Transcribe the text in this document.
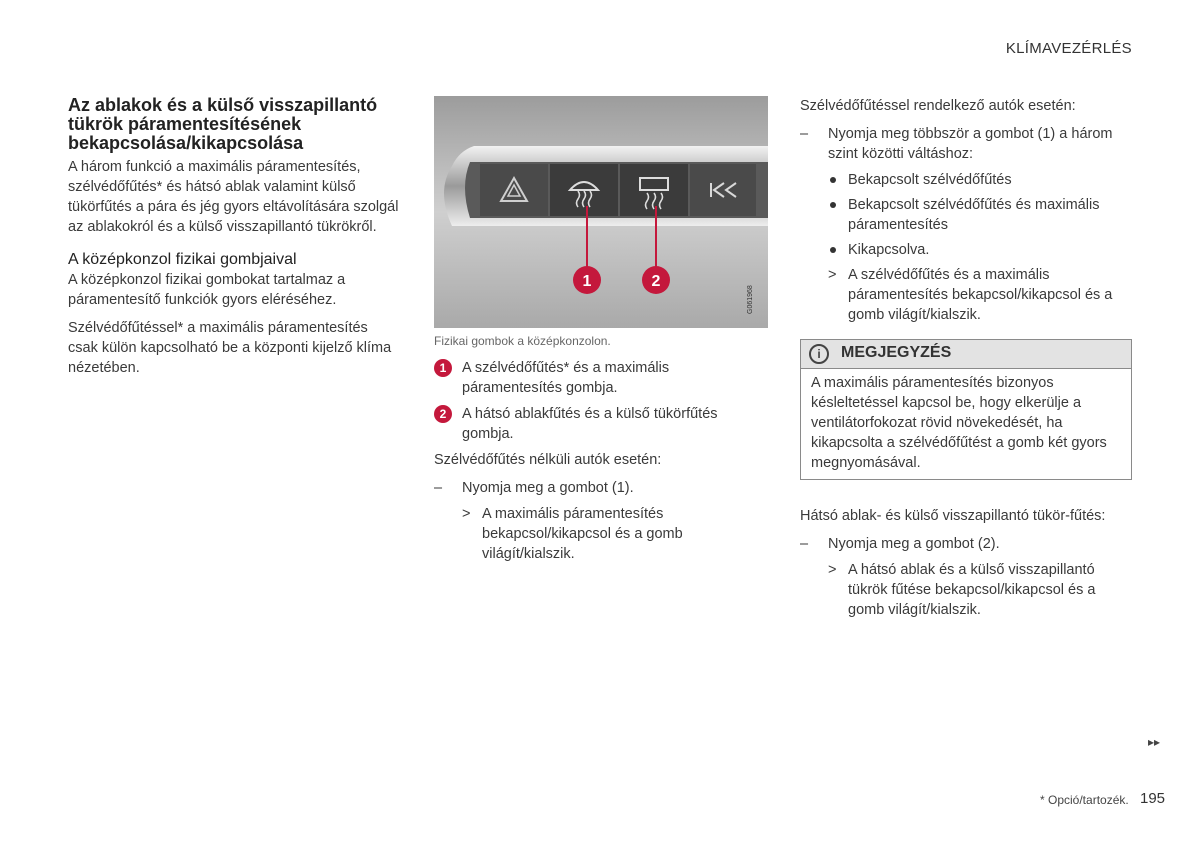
KLÍMAVEZÉRLÉS
Az ablakok és a külső visszapillantó tükrök páramentesítésének bekapcsolása/kikapcsolása

A három funkció a maximális páramentesítés, szélvédőfűtés* és hátsó ablak valamint külső tükörfűtés a pára és jég gyors eltávolítására szolgál az ablakokról és a külső visszapillantó tükrökről.

A középkonzol fizikai gombjaival

A középkonzol fizikai gombokat tartalmaz a páramentesítő funkciók gyors eléréséhez.

Szélvédőfűtéssel* a maximális páramentesítés csak külön kapcsolható be a központi kijelző klíma nézetében.

1	2
G061968
Fizikai gombok a középkonzolon.
1	A szélvédőfűtés* és a maximális páramentesítés gombja.
2	A hátsó ablakfűtés és a külső tükörfűtés gombja.

Szélvédőfűtés nélküli autók esetén:

– Nyomja meg a gombot (1).
> A maximális páramentesítés bekapcsol/kikapcsol és a gomb világít/kialszik.

Szélvédőfűtéssel rendelkező autók esetén:

– Nyomja meg többször a gombot (1) a három szint közötti váltáshoz:
Bekapcsolt szélvédőfűtés
Bekapcsolt szélvédőfűtés és maximális páramentesítés
Kikapcsolva.
> A szélvédőfűtés és a maximális páramentesítés bekapcsol/kikapcsol és a gomb világít/kialszik.
i	MEGJEGYZÉS
A maximális páramentesítés bizonyos késleltetéssel kapcsol be, hogy elkerülje a ventilátorfokozat rövid növekedését, ha kikapcsolta a szélvédőfűtést a gomb két gyors megnyomásával.

Hátsó ablak- és külső visszapillantó tükör-fűtés:

– Nyomja meg a gombot (2).
> A hátsó ablak és a külső visszapillantó tükrök fűtése bekapcsol/kikapcsol és a gomb világít/kialszik.
▸▸
* Opció/tartozék. 195
